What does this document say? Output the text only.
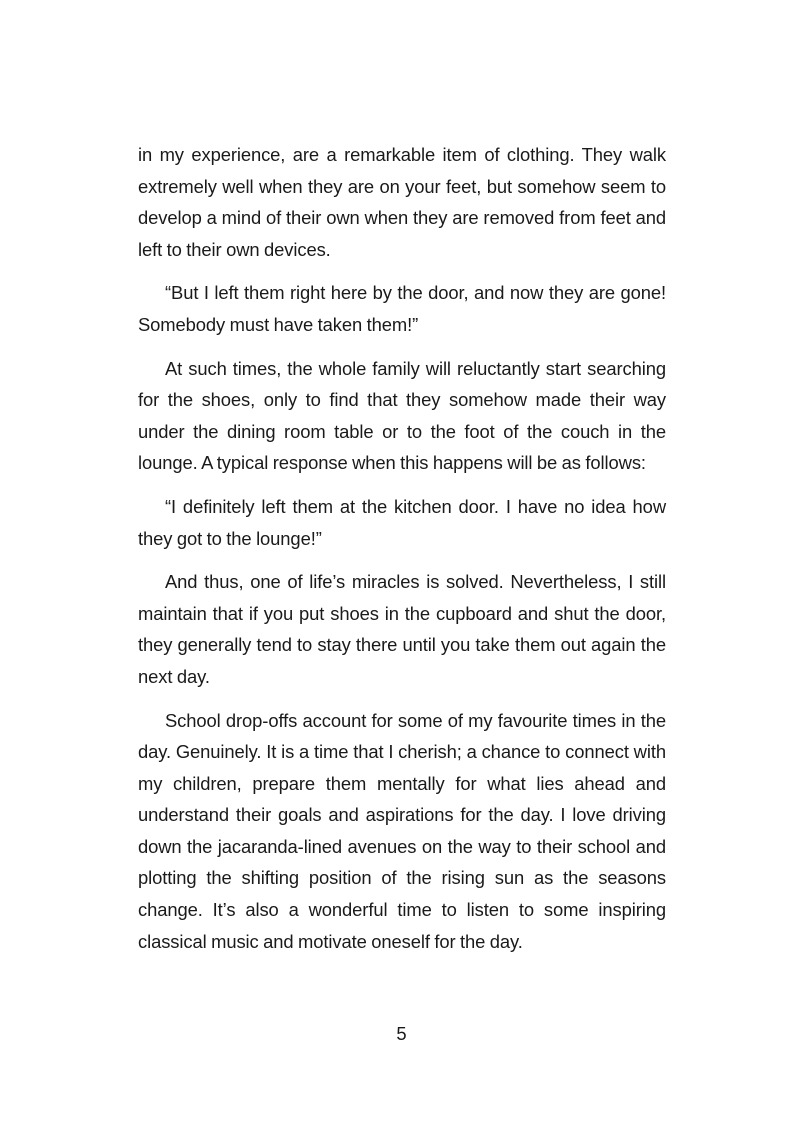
in my experience, are a remarkable item of clothing. They walk extremely well when they are on your feet, but somehow seem to develop a mind of their own when they are removed from feet and left to their own devices.

“But I left them right here by the door, and now they are gone! Somebody must have taken them!”

At such times, the whole family will reluctantly start searching for the shoes, only to find that they somehow made their way under the dining room table or to the foot of the couch in the lounge. A typical response when this happens will be as follows:

“I definitely left them at the kitchen door. I have no idea how they got to the lounge!”

And thus, one of life’s miracles is solved. Nevertheless, I still maintain that if you put shoes in the cupboard and shut the door, they generally tend to stay there until you take them out again the next day.

School drop-offs account for some of my favourite times in the day. Genuinely. It is a time that I cherish; a chance to connect with my children, prepare them mentally for what lies ahead and understand their goals and aspirations for the day. I love driving down the jacaranda-lined avenues on the way to their school and plotting the shifting position of the rising sun as the seasons change. It’s also a wonderful time to listen to some inspiring classical music and motivate oneself for the day.

5
